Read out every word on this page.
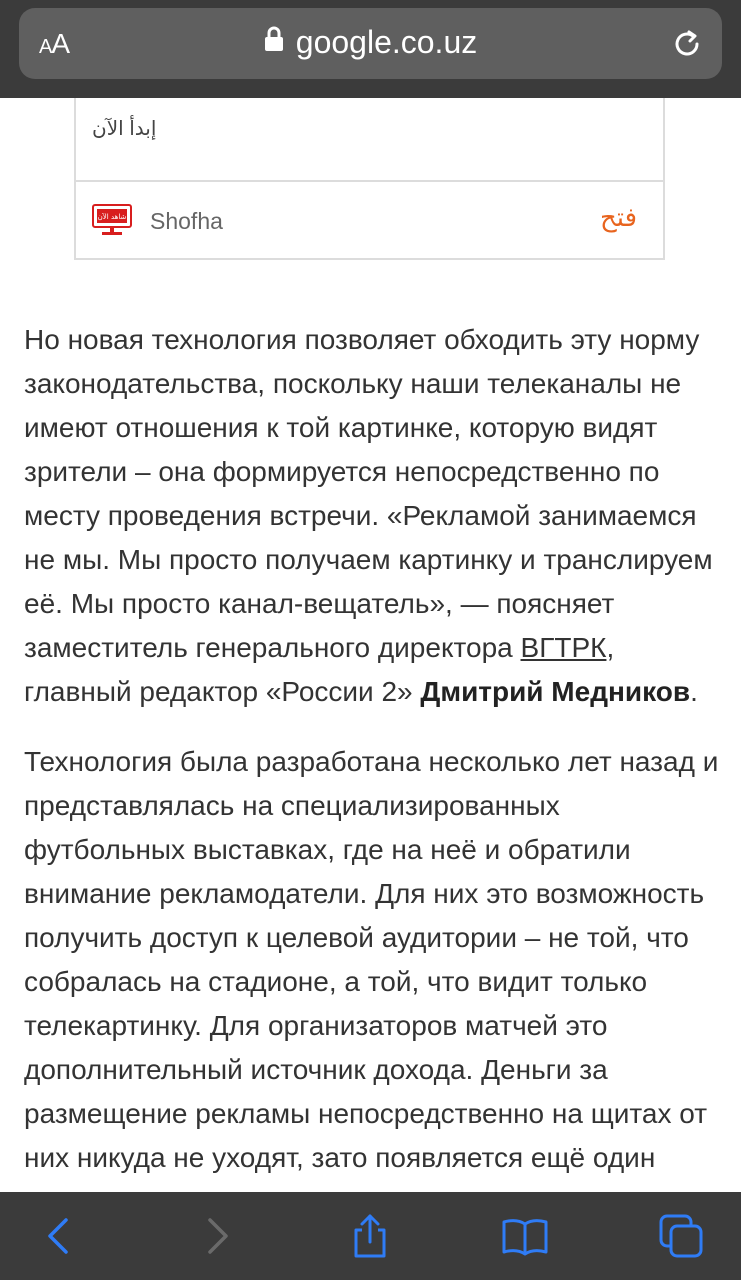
AA	google.co.uz
إبدأ الآن
شاهد الآن Shofha	فتح

Но новая технология позволяет обходить эту норму законодательства, поскольку наши телеканалы не имеют отношения к той картинке, которую видят зрители – она формируется непосредственно по месту проведения встречи. «Рекламой занимаемся не мы. Мы просто получаем картинку и транслируем её. Мы просто канал-вещатель», — поясняет заместитель генерального директора ВГТРК, главный редактор «России 2» Дмитрий Медников.

Технология была разработана несколько лет назад и представлялась на специализированных футбольных выставках, где на неё и обратили внимание рекламодатели. Для них это возможность получить доступ к целевой аудитории – не той, что собралась на стадионе, а той, что видит только телекартинку. Для организаторов матчей это дополнительный источник дохода. Деньги за размещение рекламы непосредственно на щитах от них никуда не уходят, зато появляется ещё один
